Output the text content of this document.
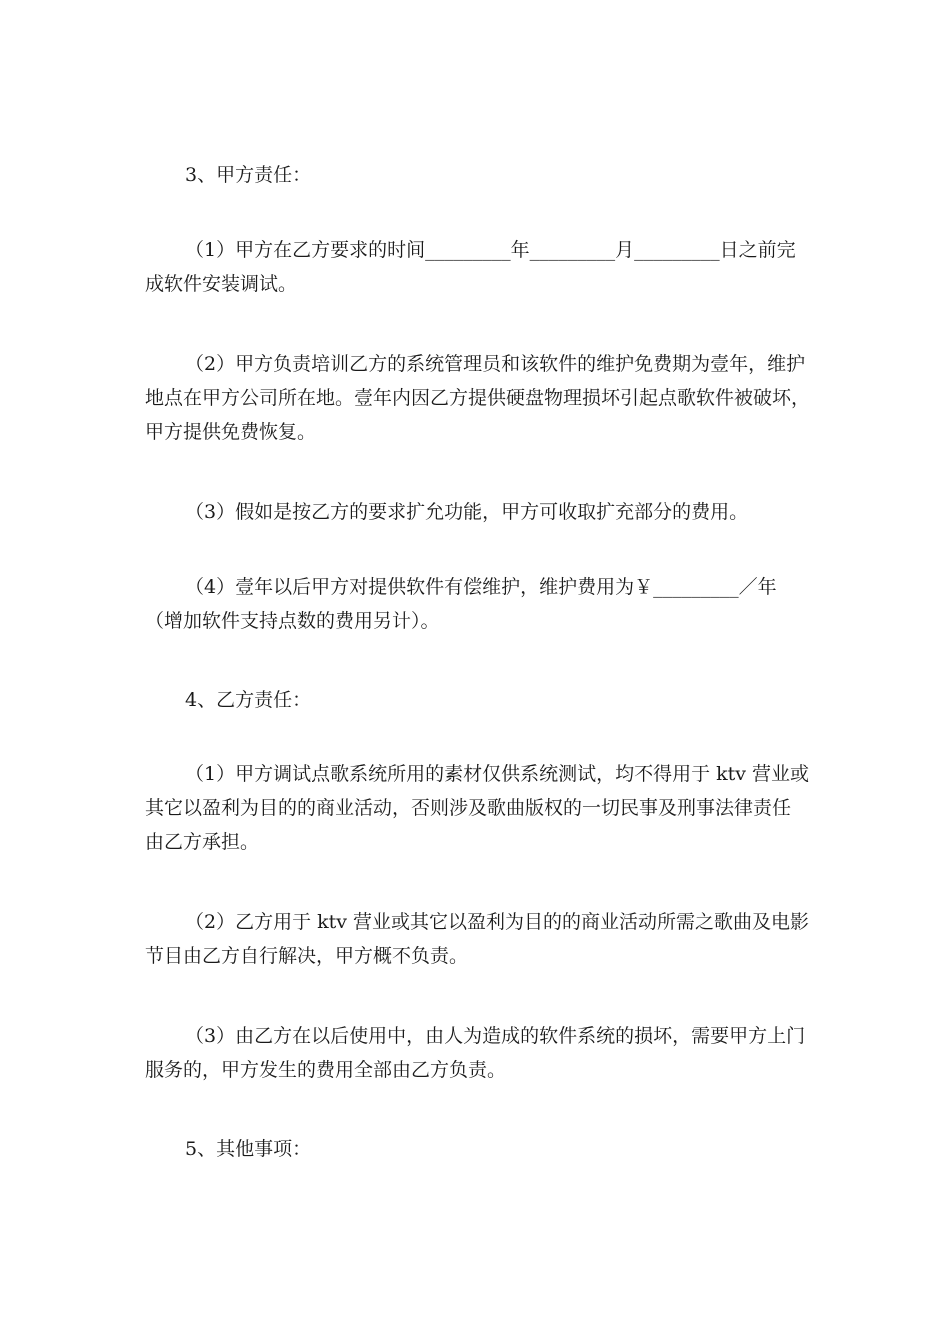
3、甲方责任：
（1）甲方在乙方要求的时间_________年_________月_________日之前完
成软件安装调试。
（2）甲方负责培训乙方的系统管理员和该软件的维护免费期为壹年，维护
地点在甲方公司所在地。壹年内因乙方提供硬盘物理损坏引起点歌软件被破坏，
甲方提供免费恢复。
（3）假如是按乙方的要求扩允功能，甲方可收取扩充部分的费用。
（4）壹年以后甲方对提供软件有偿维护，维护费用为￥_________／年
（增加软件支持点数的费用另计）。
4、乙方责任：
（1）甲方调试点歌系统所用的素材仅供系统测试，均不得用于 ktv 营业或
其它以盈利为目的的商业活动，否则涉及歌曲版权的一切民事及刑事法律责任
由乙方承担。
（2）乙方用于 ktv 营业或其它以盈利为目的的商业活动所需之歌曲及电影
节目由乙方自行解决，甲方概不负责。
（3）由乙方在以后使用中，由人为造成的软件系统的损坏，需要甲方上门
服务的，甲方发生的费用全部由乙方负责。
5、其他事项：
